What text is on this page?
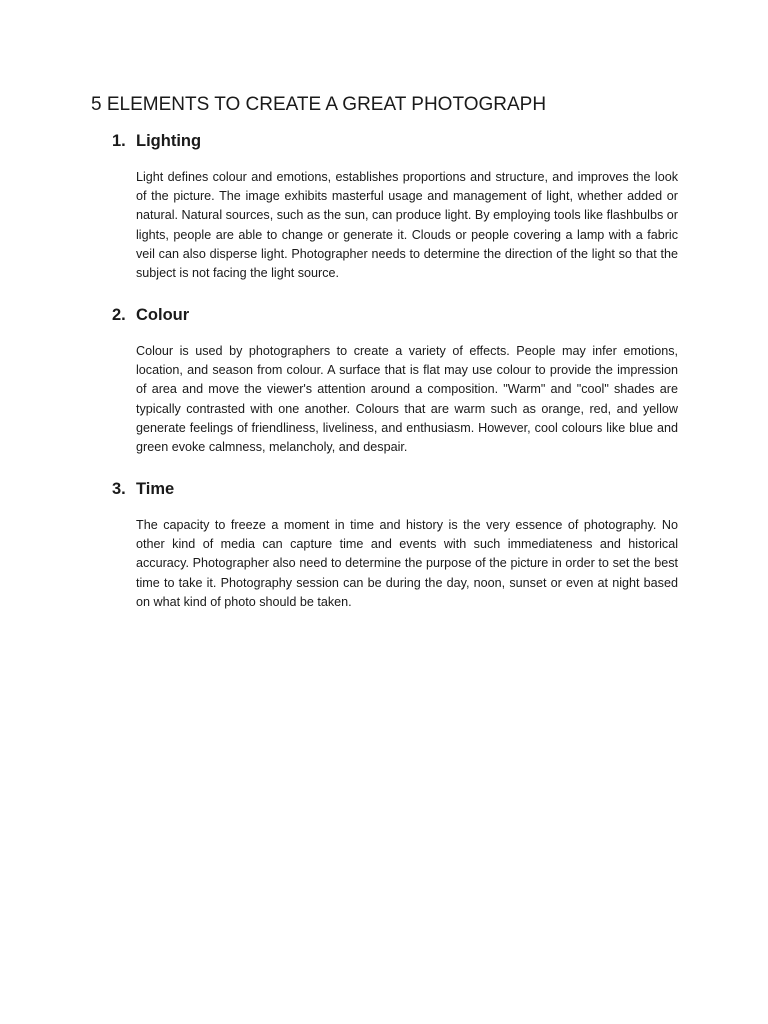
5 ELEMENTS TO CREATE A GREAT PHOTOGRAPH
1. Lighting

Light defines colour and emotions, establishes proportions and structure, and improves the look of the picture. The image exhibits masterful usage and management of light, whether added or natural. Natural sources, such as the sun, can produce light. By employing tools like flashbulbs or lights, people are able to change or generate it. Clouds or people covering a lamp with a fabric veil can also disperse light. Photographer needs to determine the direction of the light so that the subject is not facing the light source.

2. Colour

Colour is used by photographers to create a variety of effects. People may infer emotions, location, and season from colour. A surface that is flat may use colour to provide the impression of area and move the viewer's attention around a composition. "Warm" and "cool" shades are typically contrasted with one another. Colours that are warm such as orange, red, and yellow generate feelings of friendliness, liveliness, and enthusiasm. However, cool colours like blue and green evoke calmness, melancholy, and despair.

3. Time

The capacity to freeze a moment in time and history is the very essence of photography. No other kind of media can capture time and events with such immediateness and historical accuracy. Photographer also need to determine the purpose of the picture in order to set the best time to take it. Photography session can be during the day, noon, sunset or even at night based on what kind of photo should be taken.
